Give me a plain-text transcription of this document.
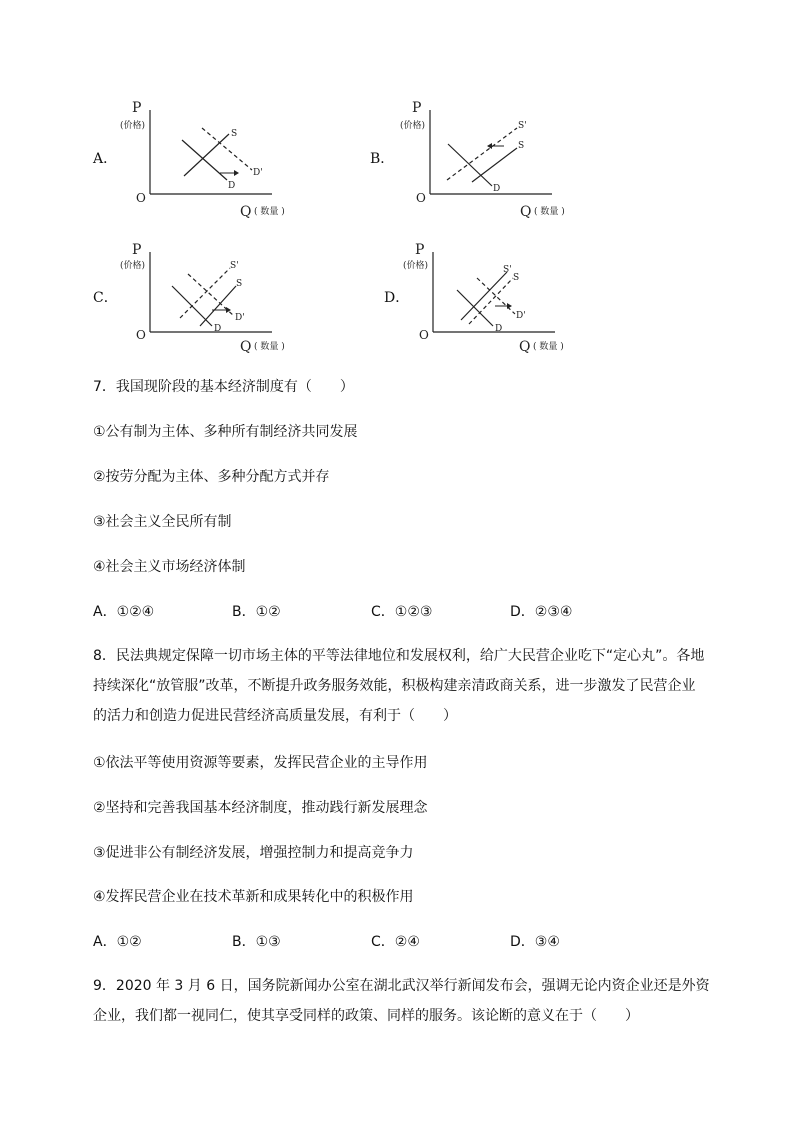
A．
P
(价格)
O
Q ( 数量 )
S
D'
D
B．
P
(价格)
O
Q ( 数量 )
S'
S
D
C．
P
(价格)
O
Q ( 数量 )
S'
S
D'
D
D．
P
(价格)
O
Q ( 数量 )
S'
S
D'
D
7．我国现阶段的基本经济制度有（　　）
①公有制为主体、多种所有制经济共同发展
②按劳分配为主体、多种分配方式并存
③社会主义全民所有制
④社会主义市场经济体制
A．①②④	B．①②	C．①②③	D．②③④
8．民法典规定保障一切市场主体的平等法律地位和发展权利，给广大民营企业吃下“定心丸”。各地
持续深化“放管服”改革，不断提升政务服务效能，积极构建亲清政商关系，进一步激发了民营企业
的活力和创造力促进民营经济高质量发展，有利于（　　）
①依法平等使用资源等要素，发挥民营企业的主导作用
②坚持和完善我国基本经济制度，推动践行新发展理念
③促进非公有制经济发展，增强控制力和提高竞争力
④发挥民营企业在技术革新和成果转化中的积极作用
A．①②	B．①③	C．②④	D．③④
9．2020 年 3 月 6 日，国务院新闻办公室在湖北武汉举行新闻发布会，强调无论内资企业还是外资
企业，我们都一视同仁，使其享受同样的政策、同样的服务。该论断的意义在于（　　）
